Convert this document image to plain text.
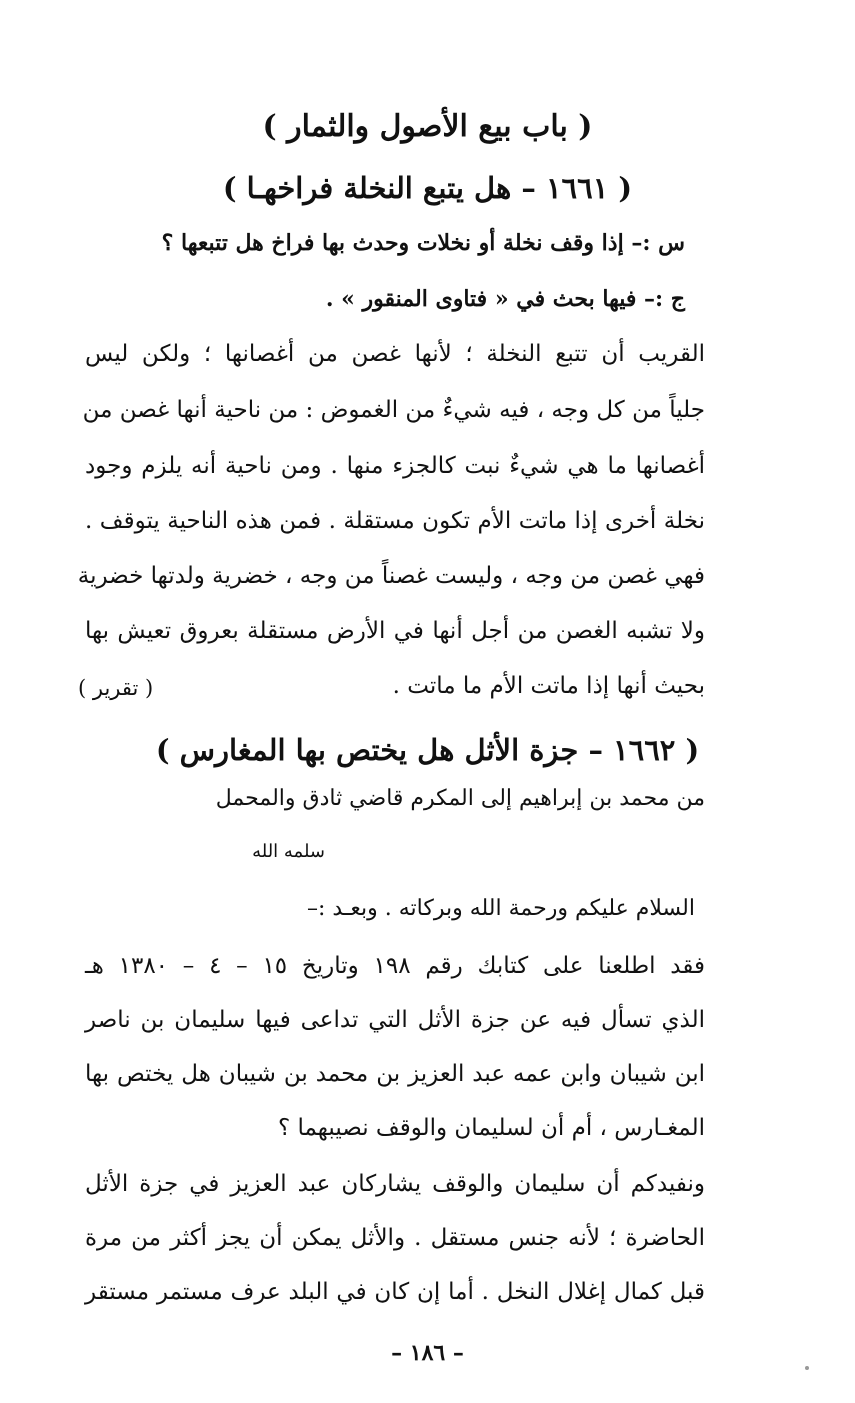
( باب بيع الأصول والثمار )
( ١٦٦١ – هل يتبع النخلة فراخهـا )
س :– إذا وقف نخلة أو نخلات وحدث بها فراخ هل تتبعها ؟
ج :– فيها بحث في « فتاوى المنقور » .
القريب أن تتبع النخلة ؛ لأنها غصن من أغصانها ؛ ولكن ليس
جلياً من كل وجه ، فيه شيءٌ من الغموض : من ناحية أنها غصن من
أغصانها ما هي شيءٌ نبت كالجزء منها . ومن ناحية أنه يلزم وجود
نخلة أخرى إذا ماتت الأم تكون مستقلة . فمن هذه الناحية يتوقف .
فهي غصن من وجه ، وليست غصناً من وجه ، خضرية ولدتها خضرية
ولا تشبه الغصن من أجل أنها في الأرض مستقلة بعروق تعيش بها
بحيث أنها إذا ماتت الأم ما ماتت .
( تقرير )
( ١٦٦٢ – جزة الأثل هل يختص بها المغارس )
من محمد بن إبراهيم إلى المكرم قاضي ثادق والمحمل
سلمه الله
السلام عليكم ورحمة الله وبركاته . وبعـد :–
فقد اطلعنا على كتابك رقم ١٩٨ وتاريخ ١٥ – ٤ – ١٣٨٠ هـ
الذي تسأل فيه عن جزة الأثل التي تداعى فيها سليمان بن ناصر
ابن شيبان وابن عمه عبد العزيز بن محمد بن شيبان هل يختص بها
المغـارس ، أم أن لسليمان والوقف نصيبهما ؟
ونفيدكم أن سليمان والوقف يشاركان عبد العزيز في جزة الأثل
الحاضرة ؛ لأنه جنس مستقل . والأثل يمكن أن يجز أكثر من مرة
قبل كمال إغلال النخل . أما إن كان في البلد عرف مستمر مستقر
– ١٨٦ –
